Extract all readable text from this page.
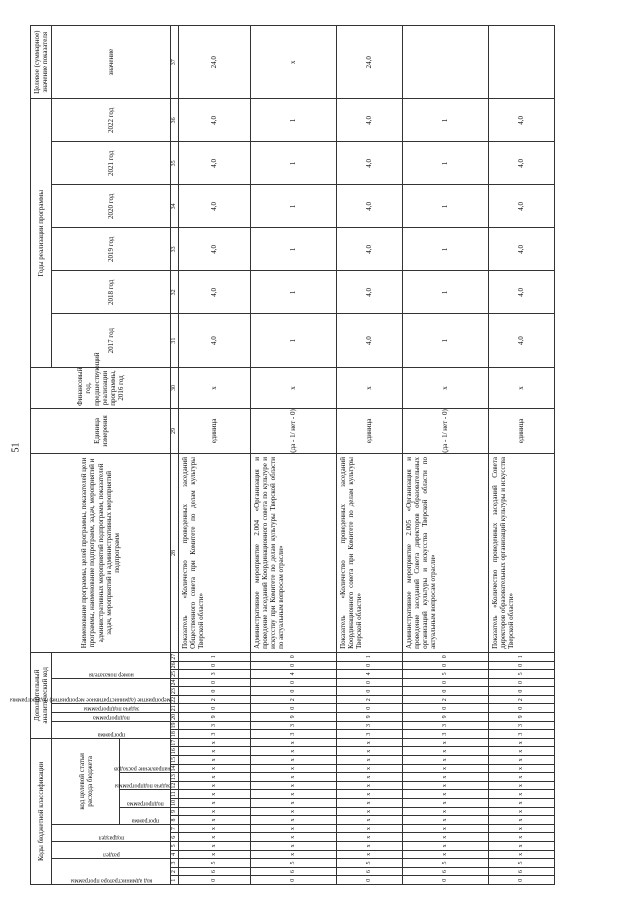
51
Коды бюджетной классификации																	Дополнительный аналитический код										Наименование программы, целей программы, показателей цели программы, наименование подпрограмм, задач, мероприятий и административных мероприятий подпрограмм, показателей задач, мероприятий и административных мероприятий подпрограмм	Единица измерения	Финансовый год, предшествующий реализации программы, 2016 год	Годы реализации программы						Целевое (суммарное) значение показателя

код администратора программы			раздел		подраздел		код целевой статьи расхода бюджета										программа		подпрограмма	задача подпрограммы	мероприятие (административное мероприятие) подпрограммы			номер показателя						2017 год	2018 год	2019 год	2020 год	2021 год	2022 год	значение

							программа		подпрограмма		задача подпрограммы		направление расходов																							

1	2	3	4	5	6	7	8	9	10	11	12	13	14	15	16	17	18	19	20	21	22	23	24	25	26	27	28	29	30	31	32	33	34	35	36	37
0	6	5	х	х	х	х	х	х	х	х	х	х	х	х	х	х	3	3	9	0	2	0	0	3	0	1	Показатель «Количество проведенных заседаний Общественного совета при Комитете по делам культуры Тверской области»	единица	х	4,0	4,0	4,0	4,0	4,0	4,0	24,0
0	6	5	х	х	х	х	х	х	х	х	х	х	х	х	х	х	3	3	9	0	2	0	0	4	0	0	Административное мероприятие 2.004 «Организация и проведение заседаний Координационного совета по культуре и искусству при Комитете по делам культуры Тверской области по актуальным вопросам отрасли»	(да - 1/ нет - 0)	х	1	1	1	1	1	1	х
0	6	5	х	х	х	х	х	х	х	х	х	х	х	х	х	х	3	3	9	0	2	0	0	4	0	1	Показатель «Количество проведенных заседаний Координационного совета при Комитете по делам культуры Тверской области»	единица	х	4,0	4,0	4,0	4,0	4,0	4,0	24,0
0	6	5	х	х	х	х	х	х	х	х	х	х	х	х	х	х	3	3	9	0	2	0	0	5	0	0	Административное мероприятие 2.005 «Организация и проведение заседаний Совета директоров образовательных организаций культуры и искусства Тверской области по актуальным вопросам отрасли»	(да - 1/ нет - 0)	х	1	1	1	1	1	1	
0	6	5	х	х	х	х	х	х	х	х	х	х	х	х	х	х	3	3	9	0	2	0	0	5	0	1	Показатель «Количество проведенных заседаний Совета директоров образовательных организаций культуры и искусства Тверской области»	единица	х	4,0	4,0	4,0	4,0	4,0	4,0	
